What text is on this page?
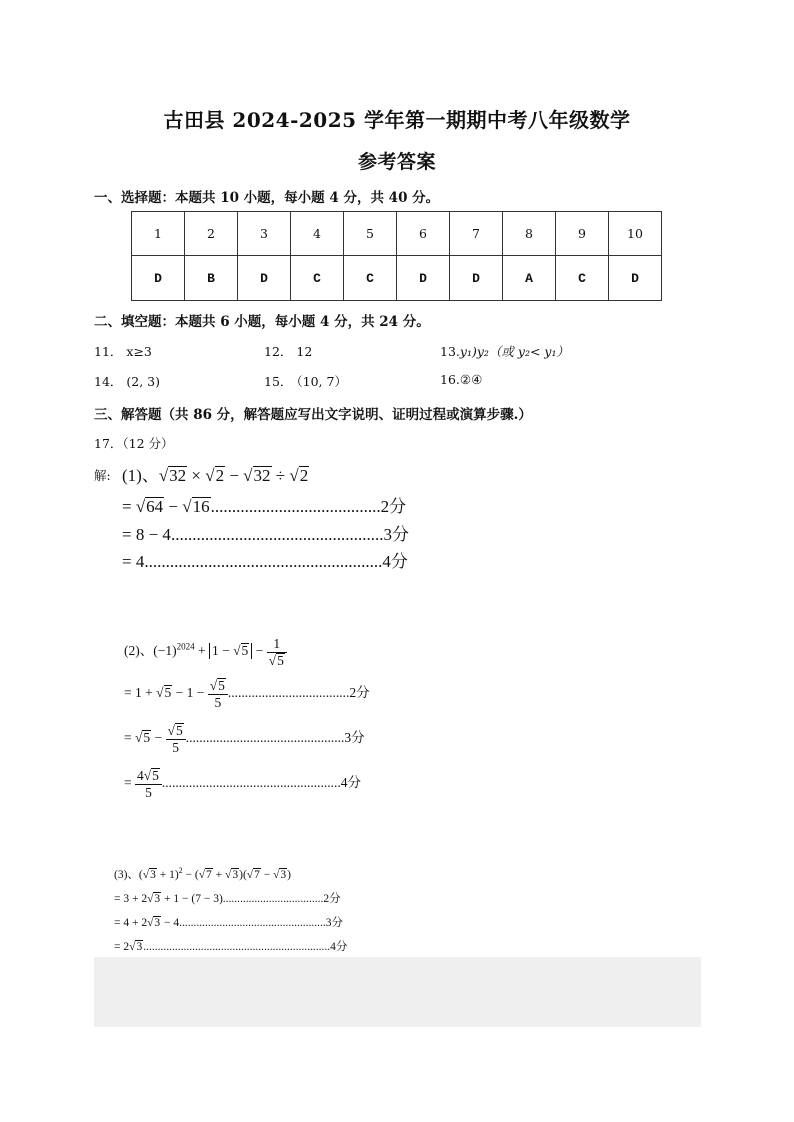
古田县 2024-2025 学年第一期期中考八年级数学
参考答案
一、选择题：本题共 10 小题，每小题 4 分，共 40 分。
1	2	3	4	5	6	7	8	9	10
D	B	D	C	C	D	D	A	C	D
二、填空题：本题共 6 小题，每小题 4 分，共 24 分。
11． x≥3	12． 12	13.y₁)y₂（或 y₂< y₁）
14． (2, 3)	15． （10, 7）	16.②④
三、解答题（共 86 分，解答题应写出文字说明、证明过程或演算步骤.）
17．（12 分）
解: (1)、√32 × √2 − √32 ÷ √2
= √64 − √16........................................2分
= 8 − 4..................................................3分
= 4........................................................4分
(2)、$(-1)^{2024} + 1 - √5 - \frac{1}{√5}$
= $1 + √5 - 1 - \frac{√5}{5} ....................................2$分
= $√5 - \frac{√5}{5} ...............................................3$分
= $\frac{4√5}{5} .....................................................4$分
(3)、$(√3 + 1)^2 - (√7 + √3)(√7 - √3)$
= 3 + 2√3 + 1 − (7 − 3)...................................2分
= 4 + 2√3 − 4...................................................3分
= 2√3.................................................................4分
